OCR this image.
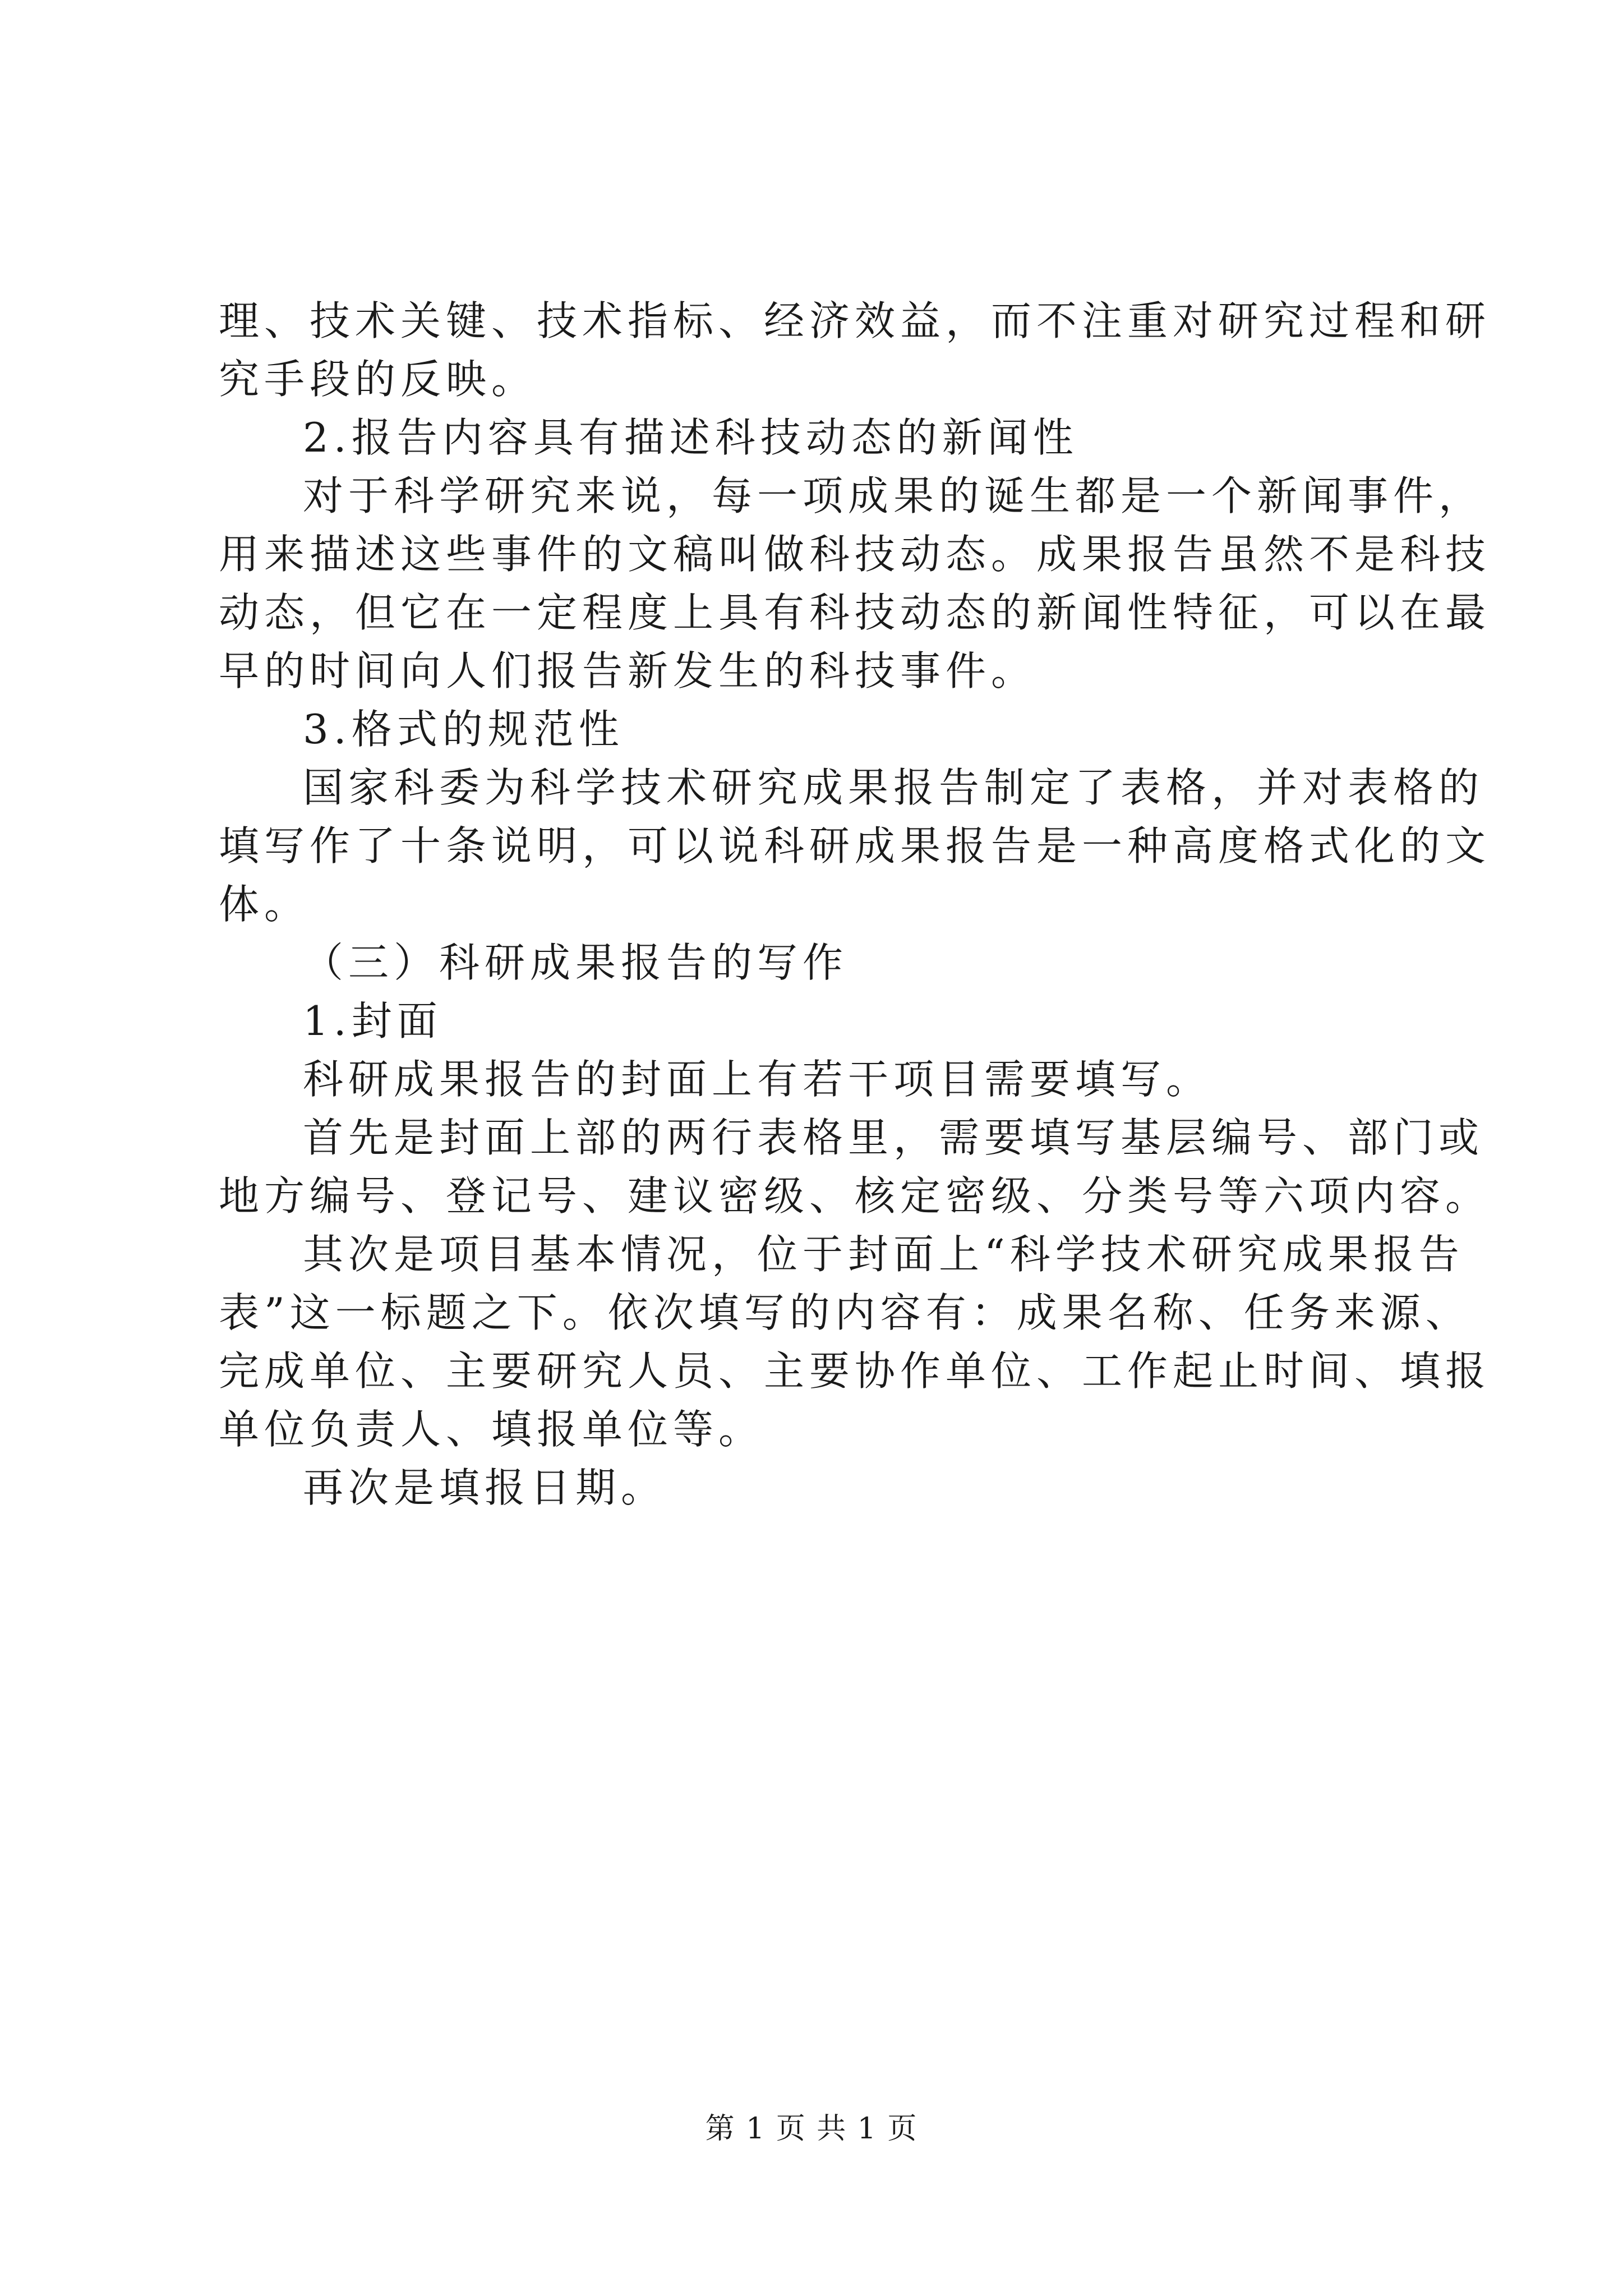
理、技术关键、技术指标、经济效益，而不注重对研究过程和研
究手段的反映。
2.报告内容具有描述科技动态的新闻性
对于科学研究来说，每一项成果的诞生都是一个新闻事件，
用来描述这些事件的文稿叫做科技动态。成果报告虽然不是科技
动态，但它在一定程度上具有科技动态的新闻性特征，可以在最
早的时间向人们报告新发生的科技事件。
3.格式的规范性
国家科委为科学技术研究成果报告制定了表格，并对表格的
填写作了十条说明，可以说科研成果报告是一种高度格式化的文
体。
（三）科研成果报告的写作
1.封面
科研成果报告的封面上有若干项目需要填写。
首先是封面上部的两行表格里，需要填写基层编号、部门或
地方编号、登记号、建议密级、核定密级、分类号等六项内容。
其次是项目基本情况，位于封面上“科学技术研究成果报告
表”这一标题之下。依次填写的内容有：成果名称、任务来源、
完成单位、主要研究人员、主要协作单位、工作起止时间、填报
单位负责人、填报单位等。
再次是填报日期。
第 1 页 共 1 页
